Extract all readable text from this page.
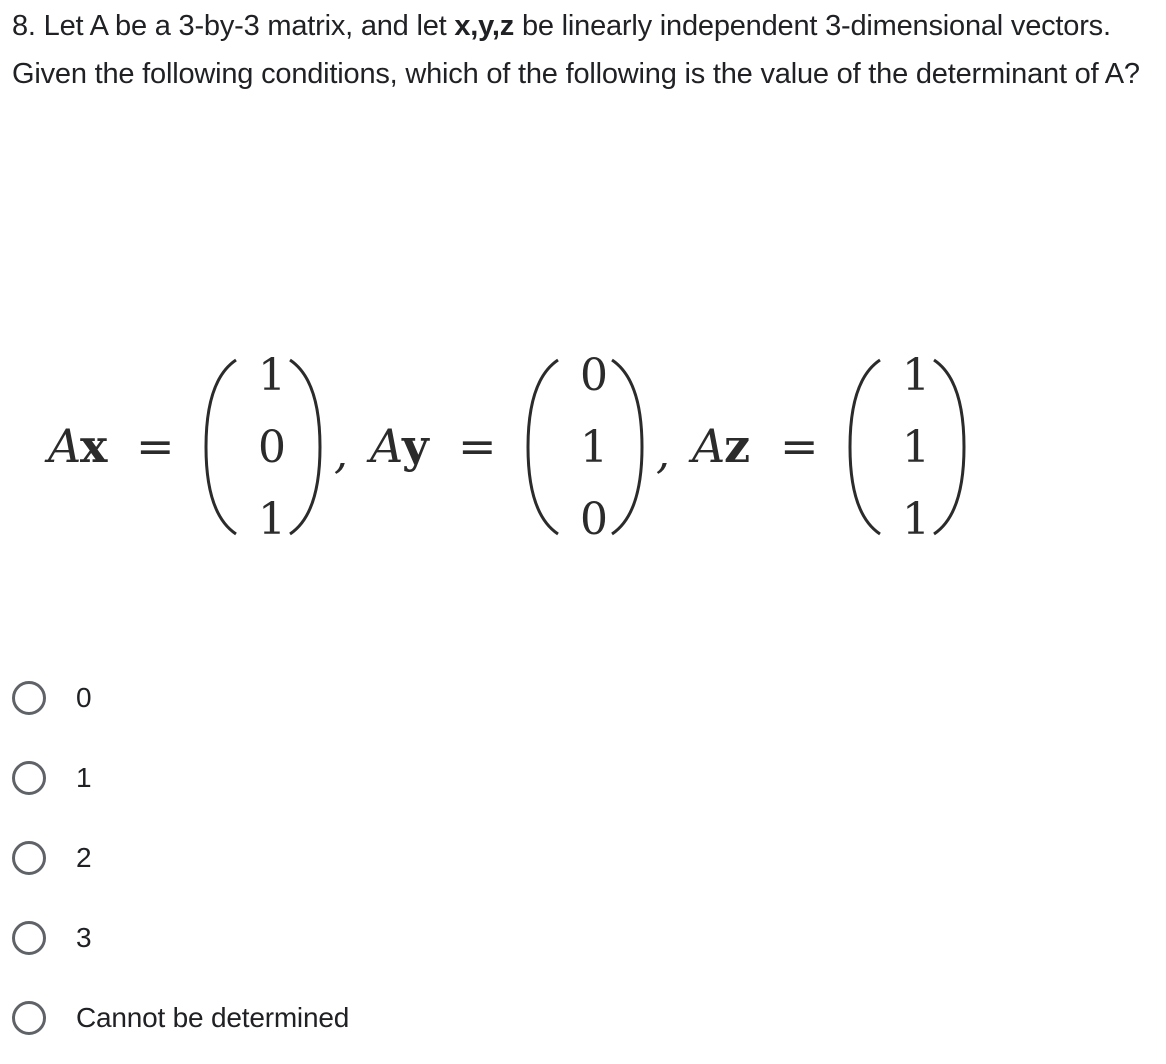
8. Let A be a 3-by-3 matrix, and let x,y,z be linearly independent 3-dimensional vectors.
Given the following conditions, which of the following is the value of the determinant of A?
A
x =
1
0
1
, A
y =
0
1
0
, A
z =
1
1
1
0
1
2
3
Cannot be determined
